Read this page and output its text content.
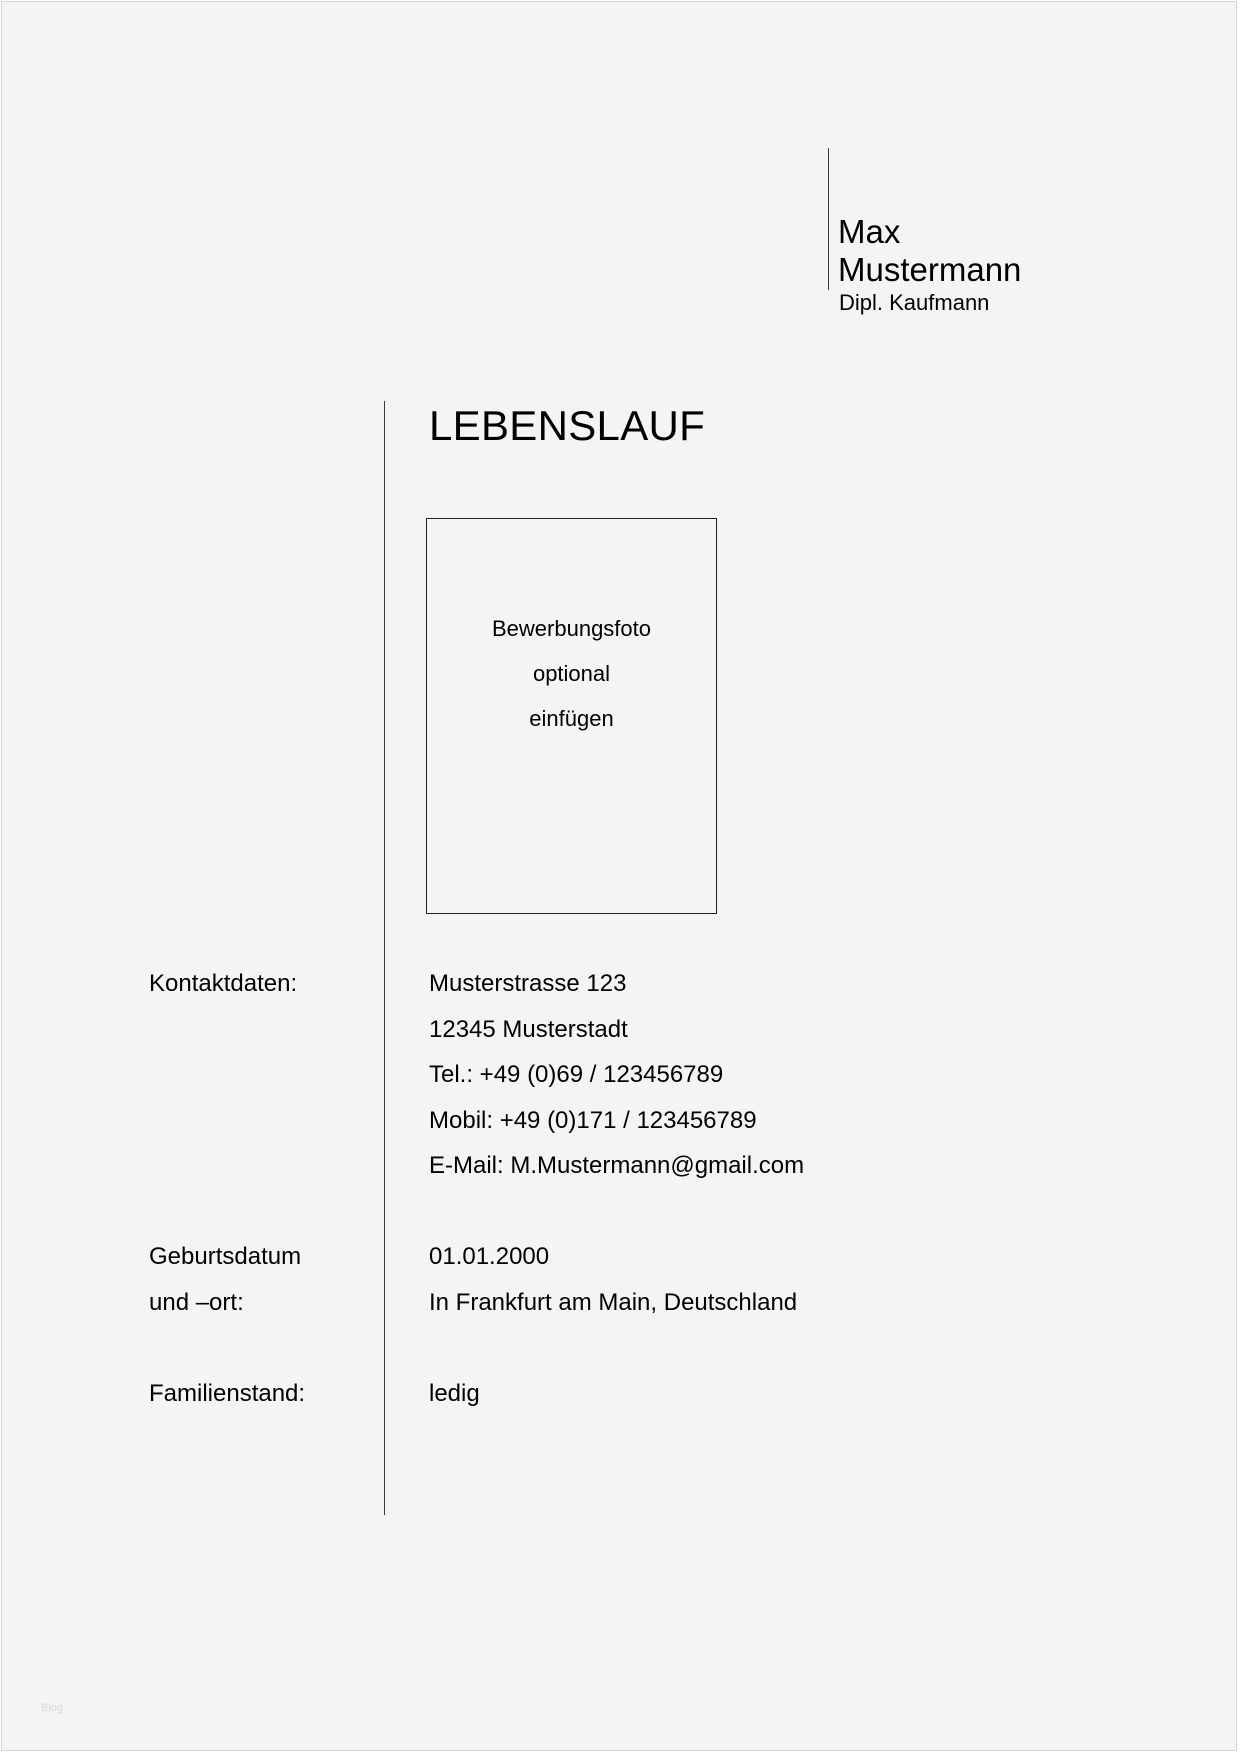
Max
Mustermann
Dipl. Kaufmann
LEBENSLAUF
Bewerbungsfoto
optional
einfügen
Kontaktdaten:	Musterstrasse 123
12345 Musterstadt
Tel.: +49 (0)69 / 123456789
Mobil: +49 (0)171 / 123456789
E-Mail: M.Mustermann@gmail.com
Geburtsdatum
und –ort:
01.01.2000
In Frankfurt am Main, Deutschland
Familienstand:	ledig
Blog
